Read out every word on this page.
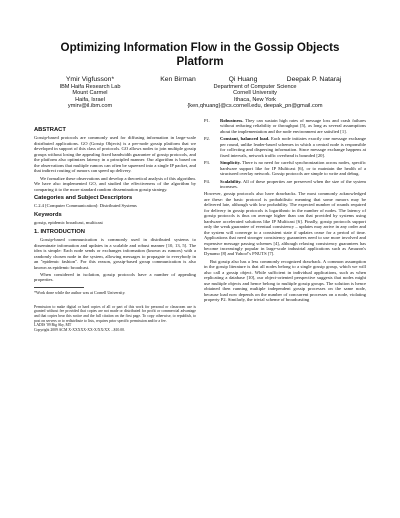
Optimizing Information Flow in the Gossip Objects Platform
Ymir Vigfusson*
IBM Haifa Research Lab
Mount Carmel
Haifa, Israel
ymirv@il.ibm.com
Ken Birman	Qi Huang	Deepak P. Nataraj
Department of Computer Science
Cornell University
Ithaca, New York
{ken,qhuang}@cs.cornell.edu, deepak_pn@gmail.com
ABSTRACT

Gossip-based protocols are commonly used for diffusing information in large-scale distributed applications. GO (Gossip Objects) is a per-node gossip platform that we developed in support of this class of protocols. GO allows nodes to join multiple gossip groups without losing the appealing fixed bandwidth guarantee of gossip protocols, and the platform also optimizes latency in a principled manner. Our algorithm is based on the observations that multiple rumors can often be squeezed into a single IP packet, and that indirect routing of rumors can speed up delivery.

We formalize these observations and develop a theoretical analysis of this algorithm. We have also implemented GO, and studied the effectiveness of the algorithm by comparing it to the more standard random dissemination gossip strategy.

Categories and Subject Descriptors

C.2.4 [Computer Communication]: Distributed Systems

Keywords

gossip, epidemic broadcast, multicast

1. INTRODUCTION

Gossip-based communication is commonly used in distributed systems to disseminate information and updates in a scalable and robust manner [10, 13, 5]. The idea is simple: Each node sends or exchanges information (known as rumors) with a randomly chosen node in the system, allowing messages to propagate to everybody in an "epidemic fashion". For this reason, gossip-based group communication is also known as epidemic broadcast.

When considered in isolation, gossip protocols have a number of appealing properties.

*Work done while the author was at Cornell University.
Permission to make digital or hard copies of all or part of this work for personal or classroom use is granted without fee provided that copies are not made or distributed for profit or commercial advantage and that copies bear this notice and the full citation on the first page. To copy otherwise, to republish, to post on servers or to redistribute to lists, requires prior specific permission and/or a fee.
LADIS '09 Big Sky, MT
Copyright 2009 ACM X-XXXXX-XX-X/XX/XX ...$10.00.
P1.	Robustness. They can sustain high rates of message loss and crash failures without reducing reliability or throughput [5], as long as several assumptions about the implementation and the node environment are satisfied [1].
P2.	Constant, balanced load. Each node initiates exactly one message exchange per round, unlike leader-based schemes in which a central node is responsible for collecting and dispersing information. Since message exchange happens at fixed intervals, network traffic overhead is bounded [20].
P3.	Simplicity. There is no need for careful synchronization across nodes, specific hardware support like for IP Multicast [6], or to maintain the health of a structured overlay network. Gossip protocols are simple to write and debug.
P4.	Scalability. All of these properties are preserved when the size of the system increases.

However, gossip protocols also have drawbacks. The most commonly acknowledged are these: the basic protocol is probabilistic meaning that some rumors may be delivered late, although with low probability. The expected number of rounds required for delivery in gossip protocols is logarithmic in the number of nodes. The latency of gossip protocols is thus on average higher than can that provided by systems using hardware accelerated solutions like IP Multicast [6]. Finally, gossip protocols support only the weak guarantee of eventual consistency – updates may arrive in any order and the system will converge to a consistent state if updates cease for a period of time. Applications that need stronger consistency guarantees need to use more involved and expensive message passing schemes [4], although relaxing consistency guarantees has become increasingly popular in large-scale industrial applications such as Amazon's Dynamo [8] and Yahoo!'s PNUTS [7].

But gossip also has a less commonly recognized drawback. A common assumption in the gossip literature is that all nodes belong to a single gossip group, which we will also call a gossip object. While sufficient in individual applications, such as when replicating a database [10], our object-oriented perspective suggests that nodes might use multiple objects and hence belong to multiple gossip groups. The solution is hence obtained then running multiple independent gossip processes on the same node, because load now depends on the number of concurrent processes on a node, violating property P2. Similarly, the trivial scheme of broadcasting
